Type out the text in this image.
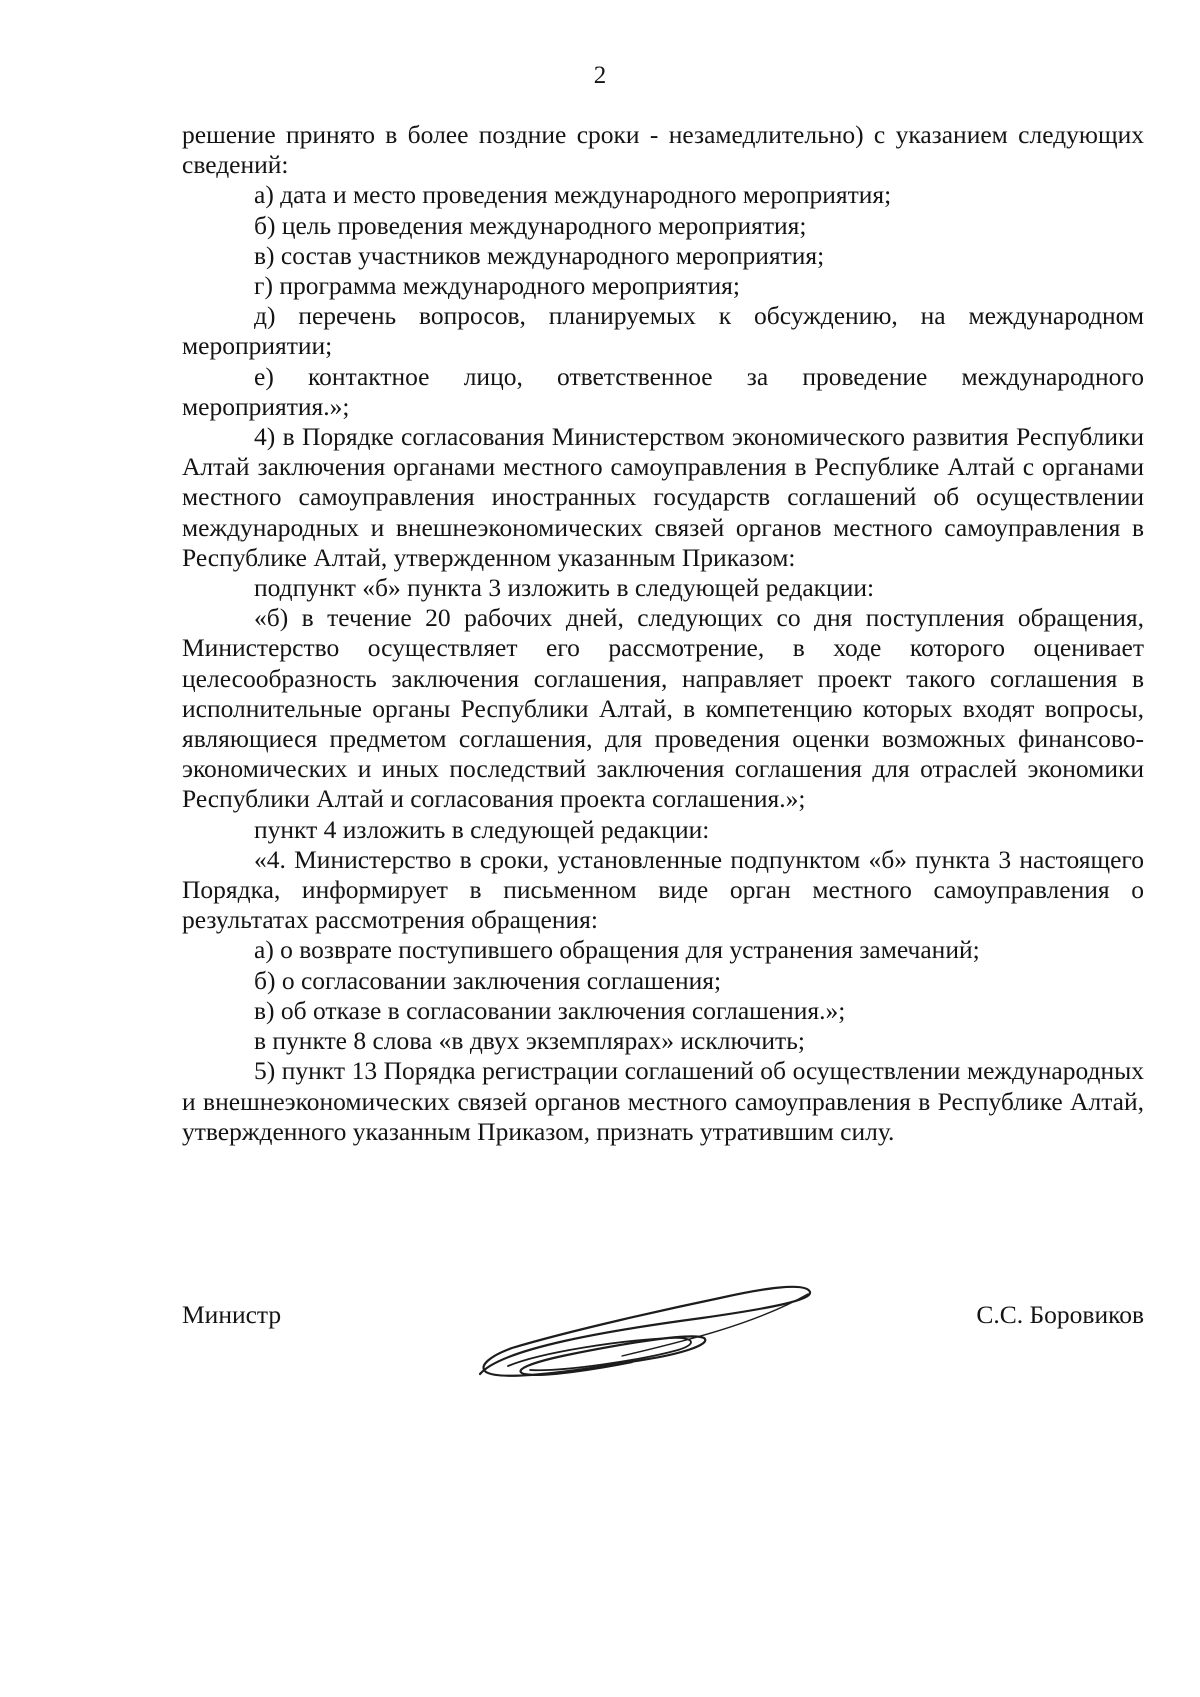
2

решение принято в более поздние сроки - незамедлительно) с указанием следующих сведений:

а) дата и место проведения международного мероприятия;

б) цель проведения международного мероприятия;

в) состав участников международного мероприятия;

г) программа международного мероприятия;

д) перечень вопросов, планируемых к обсуждению, на международном мероприятии;

е) контактное лицо, ответственное за проведение международного мероприятия.»;

4) в Порядке согласования Министерством экономического развития Республики Алтай заключения органами местного самоуправления в Республике Алтай с органами местного самоуправления иностранных государств соглашений об осуществлении международных и внешнеэкономических связей органов местного самоуправления в Республике Алтай, утвержденном указанным Приказом:

подпункт «б» пункта 3 изложить в следующей редакции:

«б) в течение 20 рабочих дней, следующих со дня поступления обращения, Министерство осуществляет его рассмотрение, в ходе которого оценивает целесообразность заключения соглашения, направляет проект такого соглашения в исполнительные органы Республики Алтай, в компетенцию которых входят вопросы, являющиеся предметом соглашения, для проведения оценки возможных финансово-экономических и иных последствий заключения соглашения для отраслей экономики Республики Алтай и согласования проекта соглашения.»;

пункт 4 изложить в следующей редакции:

«4. Министерство в сроки, установленные подпунктом «б» пункта 3 настоящего Порядка, информирует в письменном виде орган местного самоуправления о результатах рассмотрения обращения:

а) о возврате поступившего обращения для устранения замечаний;

б) о согласовании заключения соглашения;

в) об отказе в согласовании заключения соглашения.»;

в пункте 8 слова «в двух экземплярах» исключить;

5) пункт 13 Порядка регистрации соглашений об осуществлении международных и внешнеэкономических связей органов местного самоуправления в Республике Алтай, утвержденного указанным Приказом, признать утратившим силу.

Министр	С.С. Боровиков
